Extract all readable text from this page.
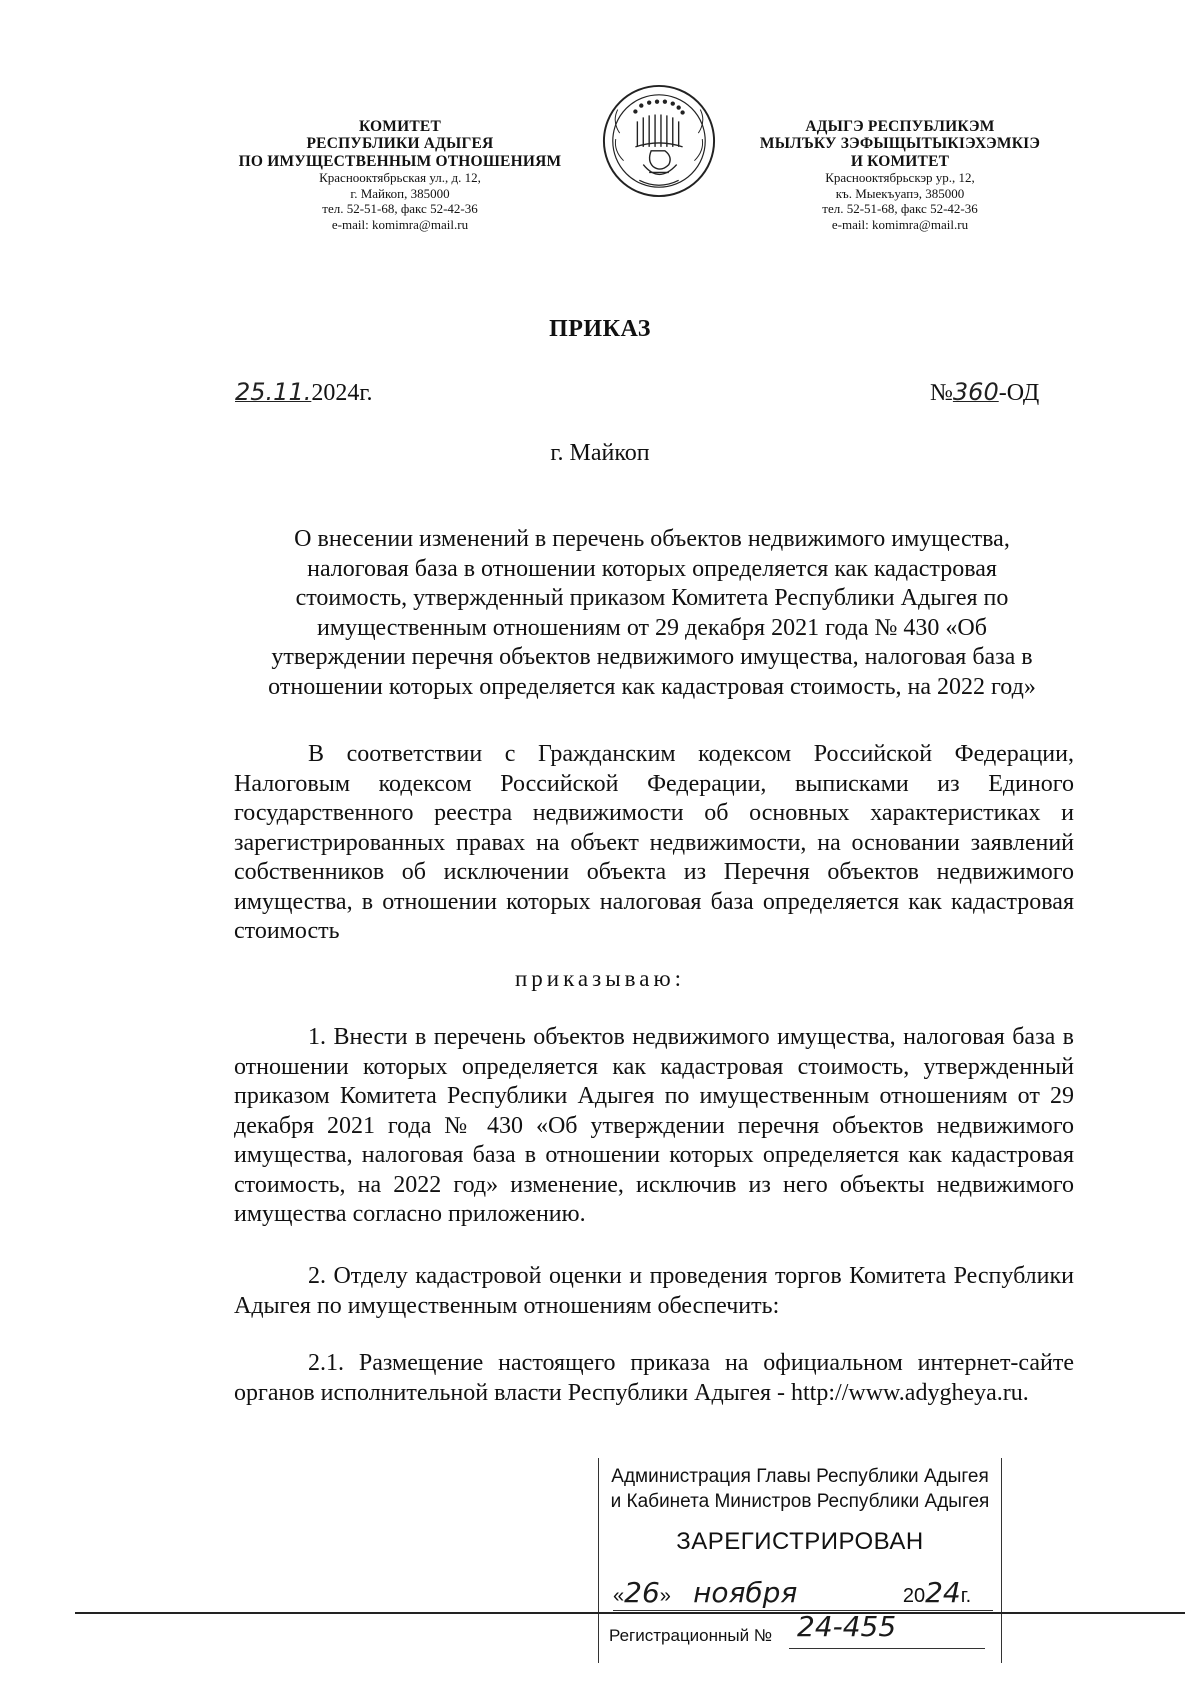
КОМИТЕТ
РЕСПУБЛИКИ АДЫГЕЯ
ПО ИМУЩЕСТВЕННЫМ ОТНОШЕНИЯМ
Краснооктябрьская ул., д. 12,
г. Майкоп, 385000
тел. 52-51-68, факс 52-42-36
e-mail: komimra@mail.ru
АДЫГЭ РЕСПУБЛИКЭМ
МЫЛЪКУ ЗЭФЫЩЫТЫКІЭХЭМКІЭ
И КОМИТЕТ
Краснооктябрьскэр ур., 12,
къ. Мыекъуапэ, 385000
тел. 52-51-68, факс 52-42-36
e-mail: komimra@mail.ru
ПРИКАЗ
25.11.2024г.	№360-ОД
г. Майкоп
О внесении изменений в перечень объектов недвижимого имущества,
налоговая база в отношении которых определяется как кадастровая
стоимость, утвержденный приказом Комитета Республики Адыгея по
имущественным отношениям от 29 декабря 2021 года № 430 «Об
утверждении перечня объектов недвижимого имущества, налоговая база в
отношении которых определяется как кадастровая стоимость, на 2022 год»
В соответствии с Гражданским кодексом Российской Федерации, Налоговым кодексом Российской Федерации, выписками из Единого государственного реестра недвижимости об основных характеристиках и зарегистрированных правах на объект недвижимости, на основании заявлений собственников об исключении объекта из Перечня объектов недвижимого имущества, в отношении которых налоговая база определяется как кадастровая стоимость
приказываю:
1. Внести в перечень объектов недвижимого имущества, налоговая база в отношении которых определяется как кадастровая стоимость, утвержденный приказом Комитета Республики Адыгея по имущественным отношениям от 29 декабря 2021 года № 430 «Об утверждении перечня объектов недвижимого имущества, налоговая база в отношении которых определяется как кадастровая стоимость, на 2022 год» изменение, исключив из него объекты недвижимого имущества согласно приложению.
2. Отделу кадастровой оценки и проведения торгов Комитета Республики Адыгея по имущественным отношениям обеспечить:
2.1. Размещение настоящего приказа на официальном интернет-сайте органов исполнительной власти Республики Адыгея - http://www.adygheya.ru.
Администрация Главы Республики Адыгея
и Кабинета Министров Республики Адыгея
ЗАРЕГИСТРИРОВАН
«26» ноября	2024г.
Регистрационный № 24-455
